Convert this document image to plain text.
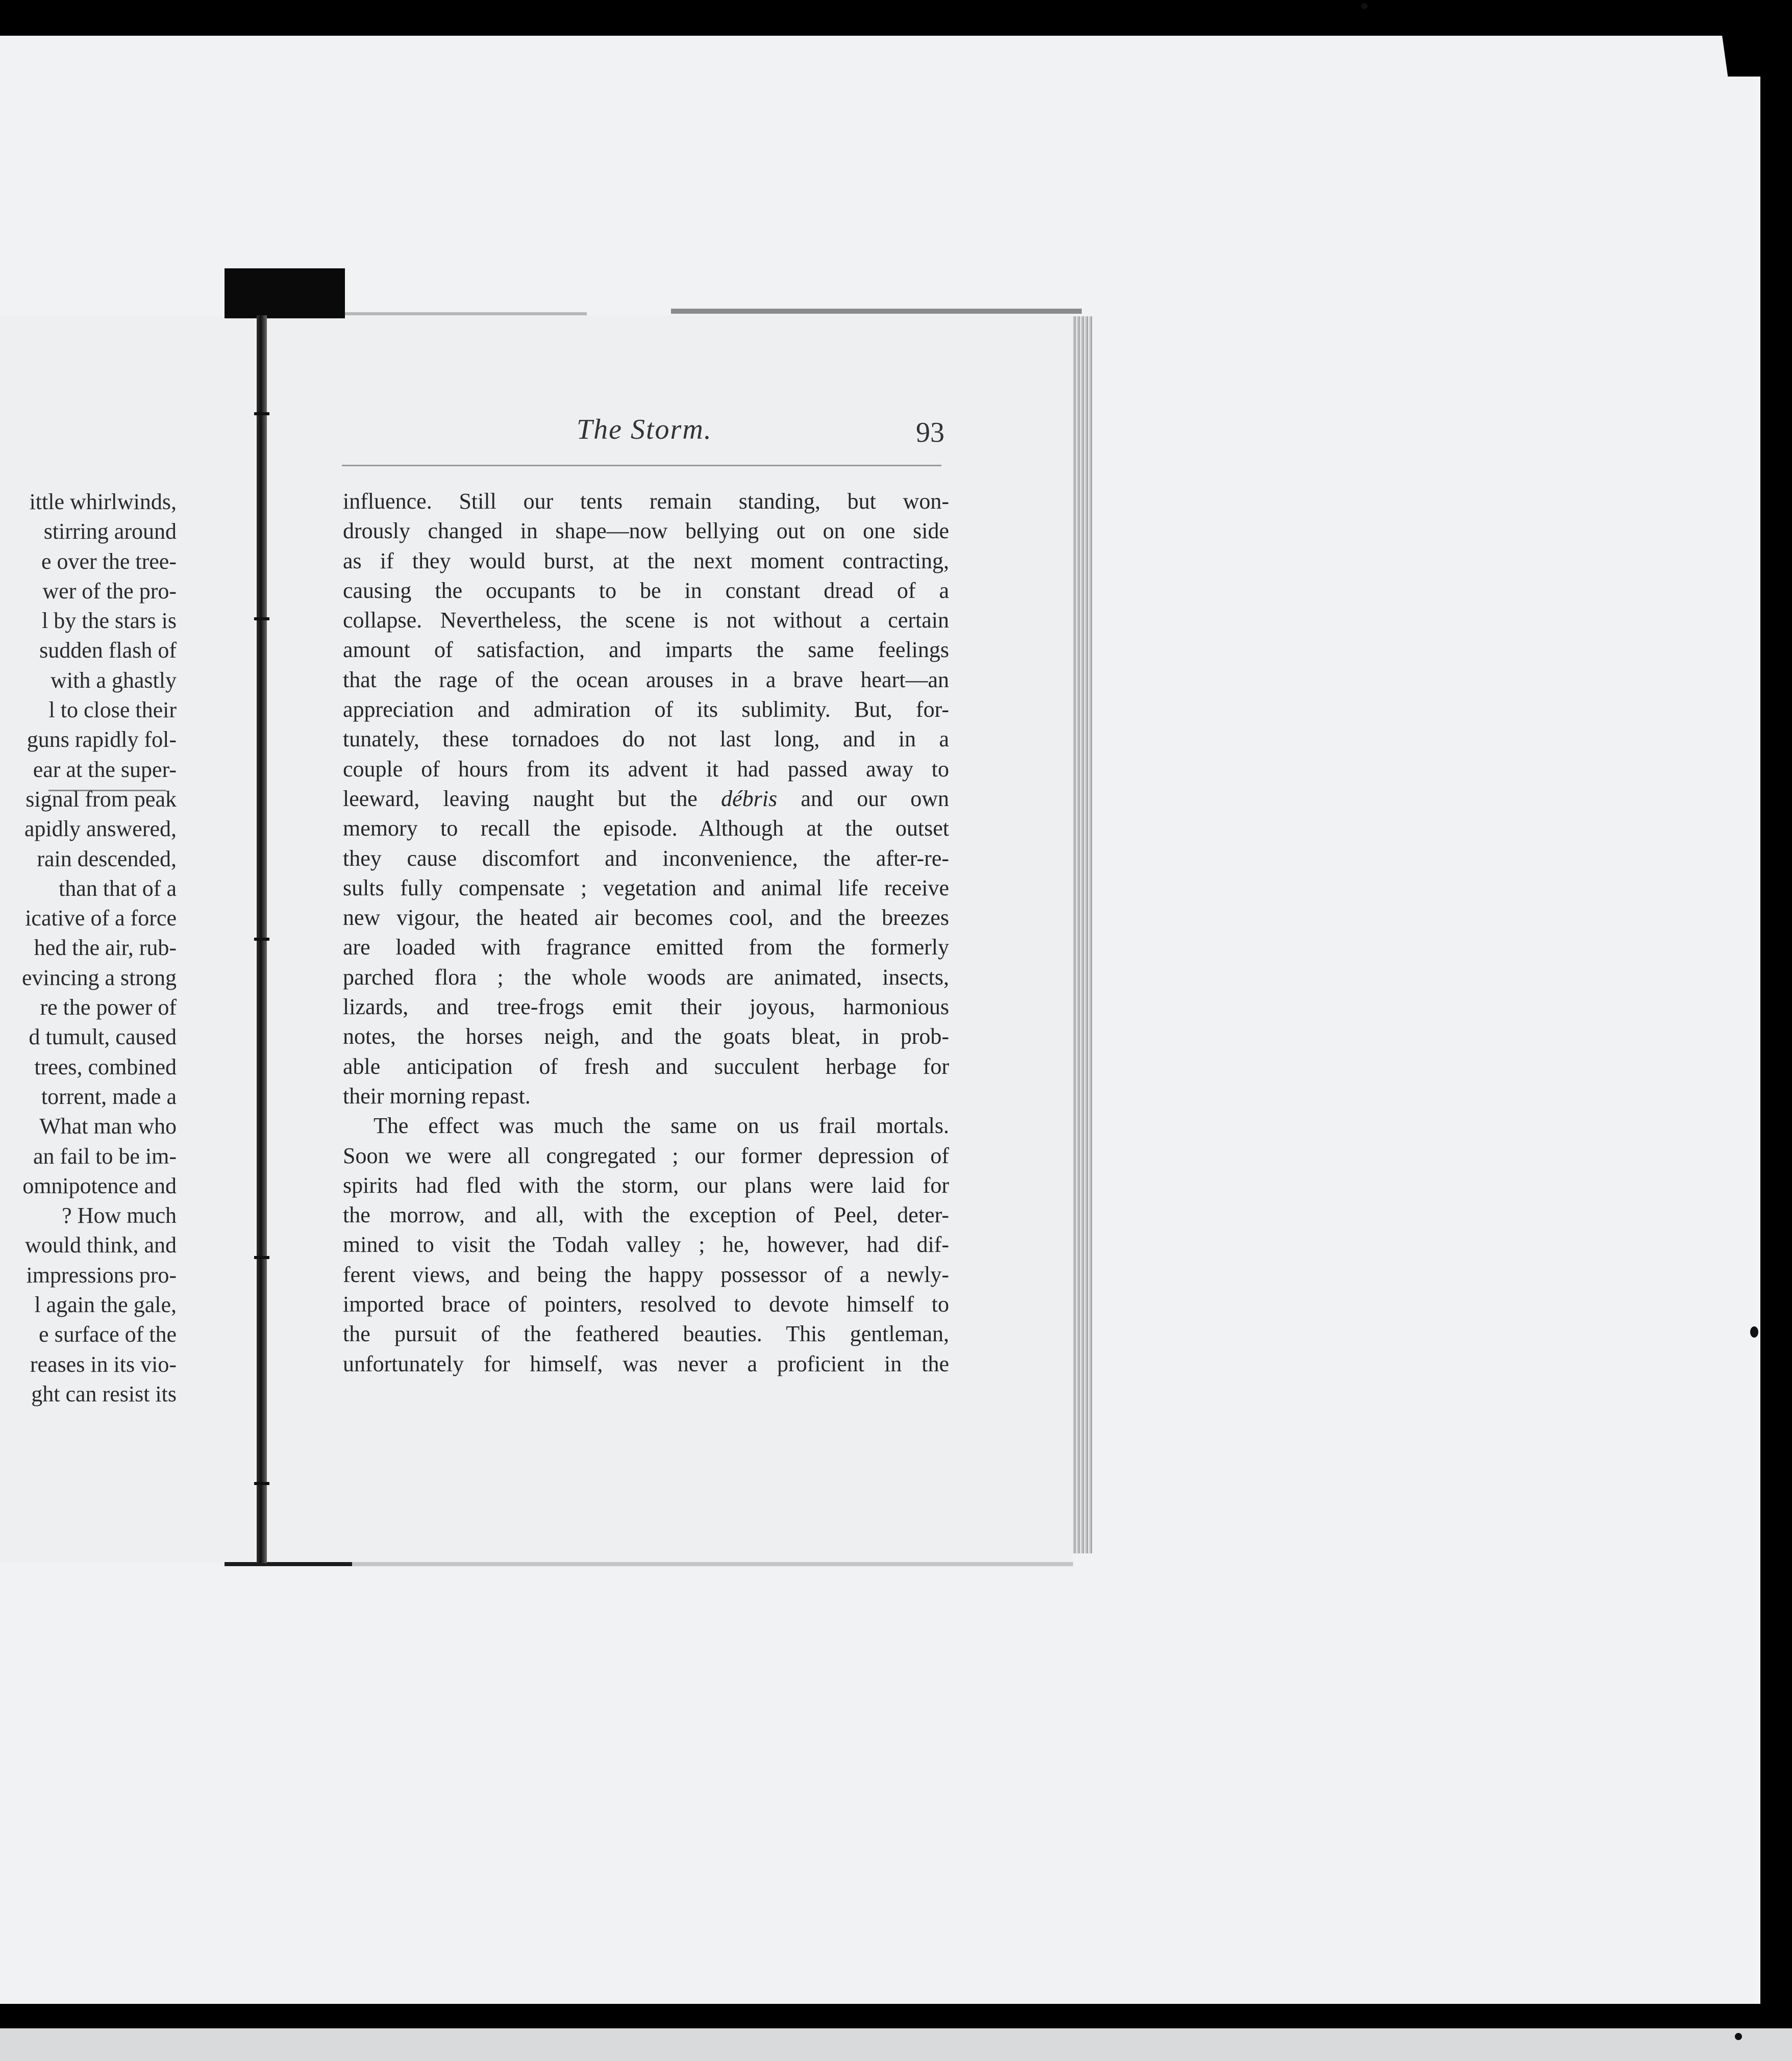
ittle whirlwinds,
stirring around
e over the tree-
wer of the pro-
l by the stars is
sudden flash of
with a ghastly
l to close their
guns rapidly fol-
ear at the super-
signal from peak
apidly answered,
rain descended,
than that of a
icative of a force
hed the air, rub-
evincing a strong
re the power of
d tumult, caused
trees, combined
torrent, made a
What man who
an fail to be im-
omnipotence and
? How much
would think, and
impressions pro-
l again the gale,
e surface of the
reases in its vio-
ght can resist its
The Storm.	93
influence. Still our tents remain standing, but won-
drously changed in shape—now bellying out on one side
as if they would burst, at the next moment contracting,
causing the occupants to be in constant dread of a
collapse. Nevertheless, the scene is not without a certain
amount of satisfaction, and imparts the same feelings
that the rage of the ocean arouses in a brave heart—an
appreciation and admiration of its sublimity. But, for-
tunately, these tornadoes do not last long, and in a
couple of hours from its advent it had passed away to
leeward, leaving naught but the débris and our own
memory to recall the episode. Although at the outset
they cause discomfort and inconvenience, the after-re-
sults fully compensate ; vegetation and animal life receive
new vigour, the heated air becomes cool, and the breezes
are loaded with fragrance emitted from the formerly
parched flora ; the whole woods are animated, insects,
lizards, and tree-frogs emit their joyous, harmonious
notes, the horses neigh, and the goats bleat, in prob-
able anticipation of fresh and succulent herbage for
their morning repast.
The effect was much the same on us frail mortals.
Soon we were all congregated ; our former depression of
spirits had fled with the storm, our plans were laid for
the morrow, and all, with the exception of Peel, deter-
mined to visit the Todah valley ; he, however, had dif-
ferent views, and being the happy possessor of a newly-
imported brace of pointers, resolved to devote himself to
the pursuit of the feathered beauties. This gentleman,
unfortunately for himself, was never a proficient in the
